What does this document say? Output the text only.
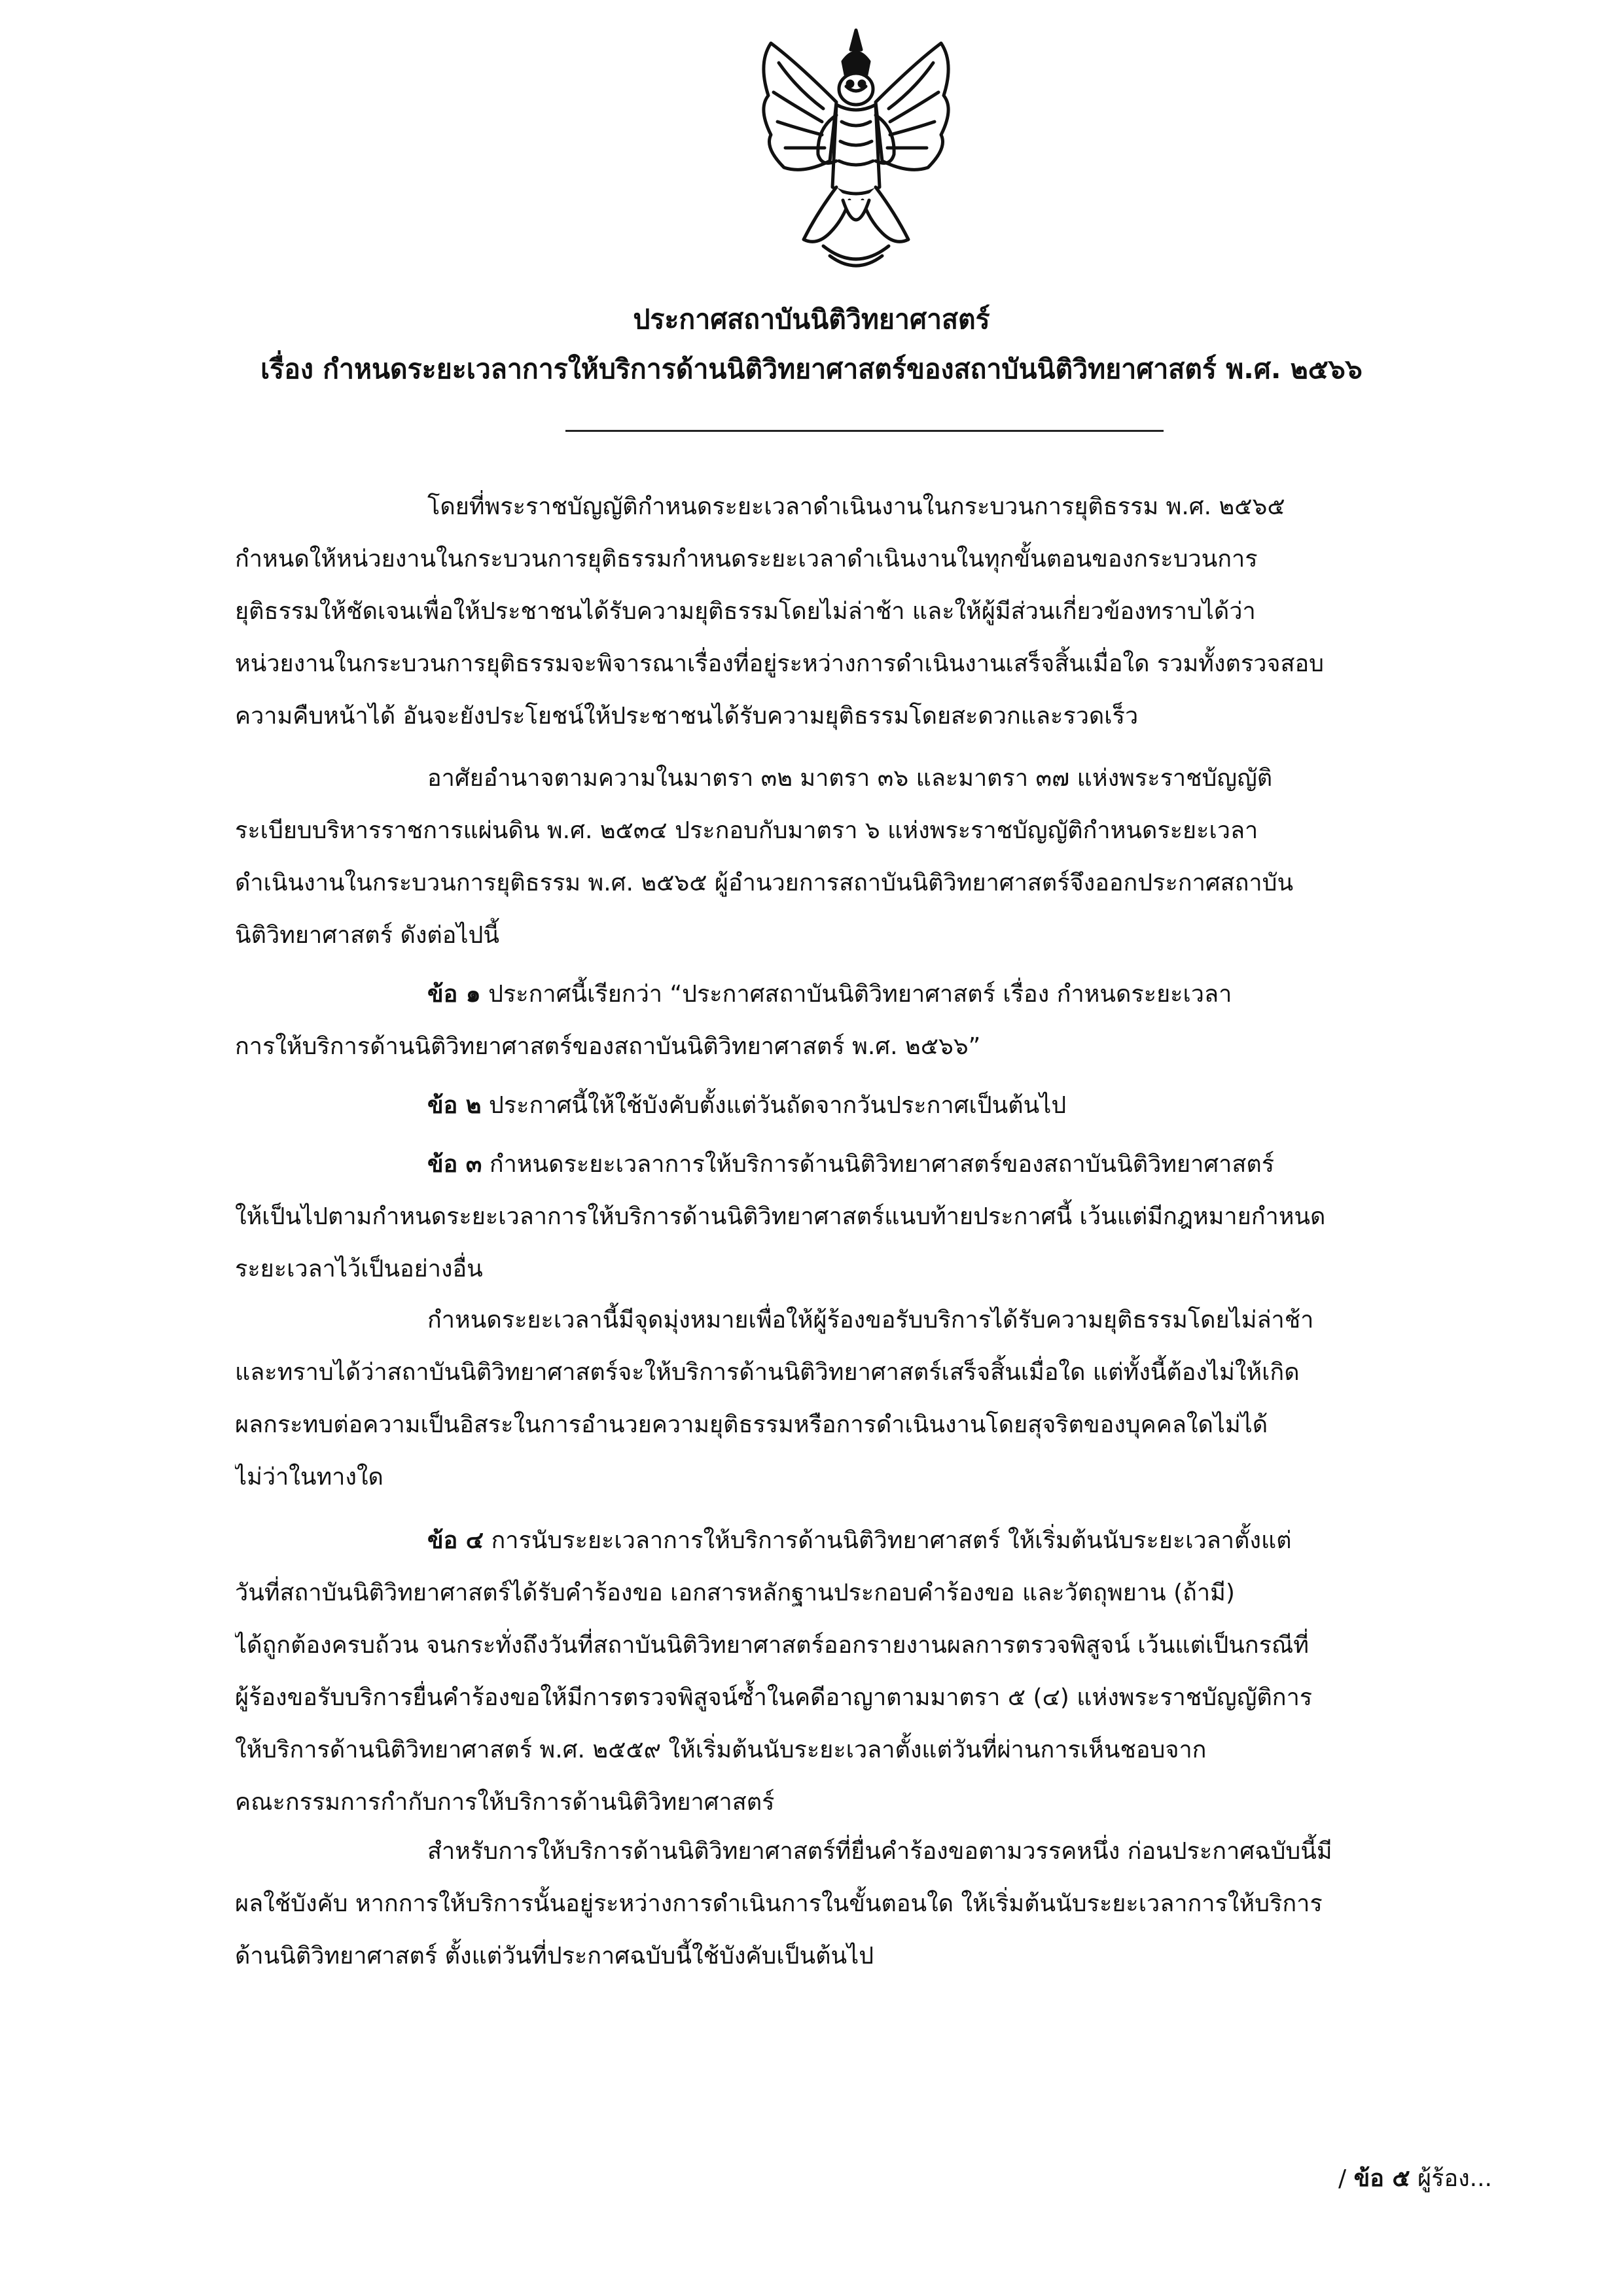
ประกาศสถาบันนิติวิทยาศาสตร์
เรื่อง กำหนดระยะเวลาการให้บริการด้านนิติวิทยาศาสตร์ของสถาบันนิติวิทยาศาสตร์ พ.ศ. ๒๕๖๖
โดยที่พระราชบัญญัติกำหนดระยะเวลาดำเนินงานในกระบวนการยุติธรรม พ.ศ. ๒๕๖๕
กำหนดให้หน่วยงานในกระบวนการยุติธรรมกำหนดระยะเวลาดำเนินงานในทุกขั้นตอนของกระบวนการ
ยุติธรรมให้ชัดเจนเพื่อให้ประชาชนได้รับความยุติธรรมโดยไม่ล่าช้า และให้ผู้มีส่วนเกี่ยวข้องทราบได้ว่า
หน่วยงานในกระบวนการยุติธรรมจะพิจารณาเรื่องที่อยู่ระหว่างการดำเนินงานเสร็จสิ้นเมื่อใด รวมทั้งตรวจสอบ
ความคืบหน้าได้ อันจะยังประโยชน์ให้ประชาชนได้รับความยุติธรรมโดยสะดวกและรวดเร็ว
อาศัยอำนาจตามความในมาตรา ๓๒ มาตรา ๓๖ และมาตรา ๓๗ แห่งพระราชบัญญัติ
ระเบียบบริหารราชการแผ่นดิน พ.ศ. ๒๕๓๔ ประกอบกับมาตรา ๖ แห่งพระราชบัญญัติกำหนดระยะเวลา
ดำเนินงานในกระบวนการยุติธรรม พ.ศ. ๒๕๖๕ ผู้อำนวยการสถาบันนิติวิทยาศาสตร์จึงออกประกาศสถาบัน
นิติวิทยาศาสตร์ ดังต่อไปนี้
ข้อ ๑ ประกาศนี้เรียกว่า “ประกาศสถาบันนิติวิทยาศาสตร์ เรื่อง กำหนดระยะเวลา
การให้บริการด้านนิติวิทยาศาสตร์ของสถาบันนิติวิทยาศาสตร์ พ.ศ. ๒๕๖๖”
ข้อ ๒ ประกาศนี้ให้ใช้บังคับตั้งแต่วันถัดจากวันประกาศเป็นต้นไป
ข้อ ๓ กำหนดระยะเวลาการให้บริการด้านนิติวิทยาศาสตร์ของสถาบันนิติวิทยาศาสตร์
ให้เป็นไปตามกำหนดระยะเวลาการให้บริการด้านนิติวิทยาศาสตร์แนบท้ายประกาศนี้ เว้นแต่มีกฎหมายกำหนด
ระยะเวลาไว้เป็นอย่างอื่น
กำหนดระยะเวลานี้มีจุดมุ่งหมายเพื่อให้ผู้ร้องขอรับบริการได้รับความยุติธรรมโดยไม่ล่าช้า
และทราบได้ว่าสถาบันนิติวิทยาศาสตร์จะให้บริการด้านนิติวิทยาศาสตร์เสร็จสิ้นเมื่อใด แต่ทั้งนี้ต้องไม่ให้เกิด
ผลกระทบต่อความเป็นอิสระในการอำนวยความยุติธรรมหรือการดำเนินงานโดยสุจริตของบุคคลใดไม่ได้
ไม่ว่าในทางใด
ข้อ ๔ การนับระยะเวลาการให้บริการด้านนิติวิทยาศาสตร์ ให้เริ่มต้นนับระยะเวลาตั้งแต่
วันที่สถาบันนิติวิทยาศาสตร์ได้รับคำร้องขอ เอกสารหลักฐานประกอบคำร้องขอ และวัตถุพยาน (ถ้ามี)
ได้ถูกต้องครบถ้วน จนกระทั่งถึงวันที่สถาบันนิติวิทยาศาสตร์ออกรายงานผลการตรวจพิสูจน์ เว้นแต่เป็นกรณีที่
ผู้ร้องขอรับบริการยื่นคำร้องขอให้มีการตรวจพิสูจน์ซ้ำในคดีอาญาตามมาตรา ๕ (๔) แห่งพระราชบัญญัติการ
ให้บริการด้านนิติวิทยาศาสตร์ พ.ศ. ๒๕๕๙ ให้เริ่มต้นนับระยะเวลาตั้งแต่วันที่ผ่านการเห็นชอบจาก
คณะกรรมการกำกับการให้บริการด้านนิติวิทยาศาสตร์
สำหรับการให้บริการด้านนิติวิทยาศาสตร์ที่ยื่นคำร้องขอตามวรรคหนึ่ง ก่อนประกาศฉบับนี้มี
ผลใช้บังคับ หากการให้บริการนั้นอยู่ระหว่างการดำเนินการในขั้นตอนใด ให้เริ่มต้นนับระยะเวลาการให้บริการ
ด้านนิติวิทยาศาสตร์ ตั้งแต่วันที่ประกาศฉบับนี้ใช้บังคับเป็นต้นไป
/ ข้อ ๕ ผู้ร้อง...
